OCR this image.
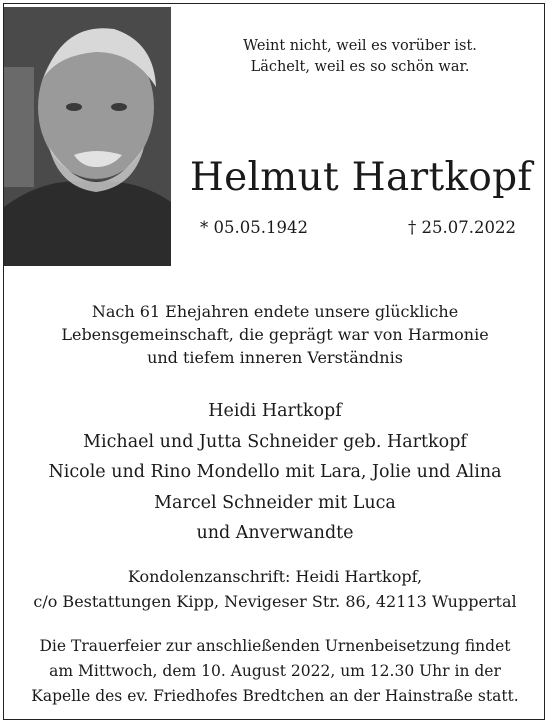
Weint nicht, weil es vorüber ist.
Lächelt, weil es so schön war.
Helmut Hartkopf
* 05.05.1942	† 25.07.2022
Nach 61 Ehejahren endete unsere glückliche
Lebensgemeinschaft, die geprägt war von Harmonie
und tiefem inneren Verständnis
Heidi Hartkopf
Michael und Jutta Schneider geb. Hartkopf
Nicole und Rino Mondello mit Lara, Jolie und Alina
Marcel Schneider mit Luca
und Anverwandte
Kondolenzanschrift: Heidi Hartkopf,
c/o Bestattungen Kipp, Nevigeser Str. 86, 42113 Wuppertal
Die Trauerfeier zur anschließenden Urnenbeisetzung findet
am Mittwoch, dem 10. August 2022, um 12.30 Uhr in der
Kapelle des ev. Friedhofes Bredtchen an der Hainstraße statt.
